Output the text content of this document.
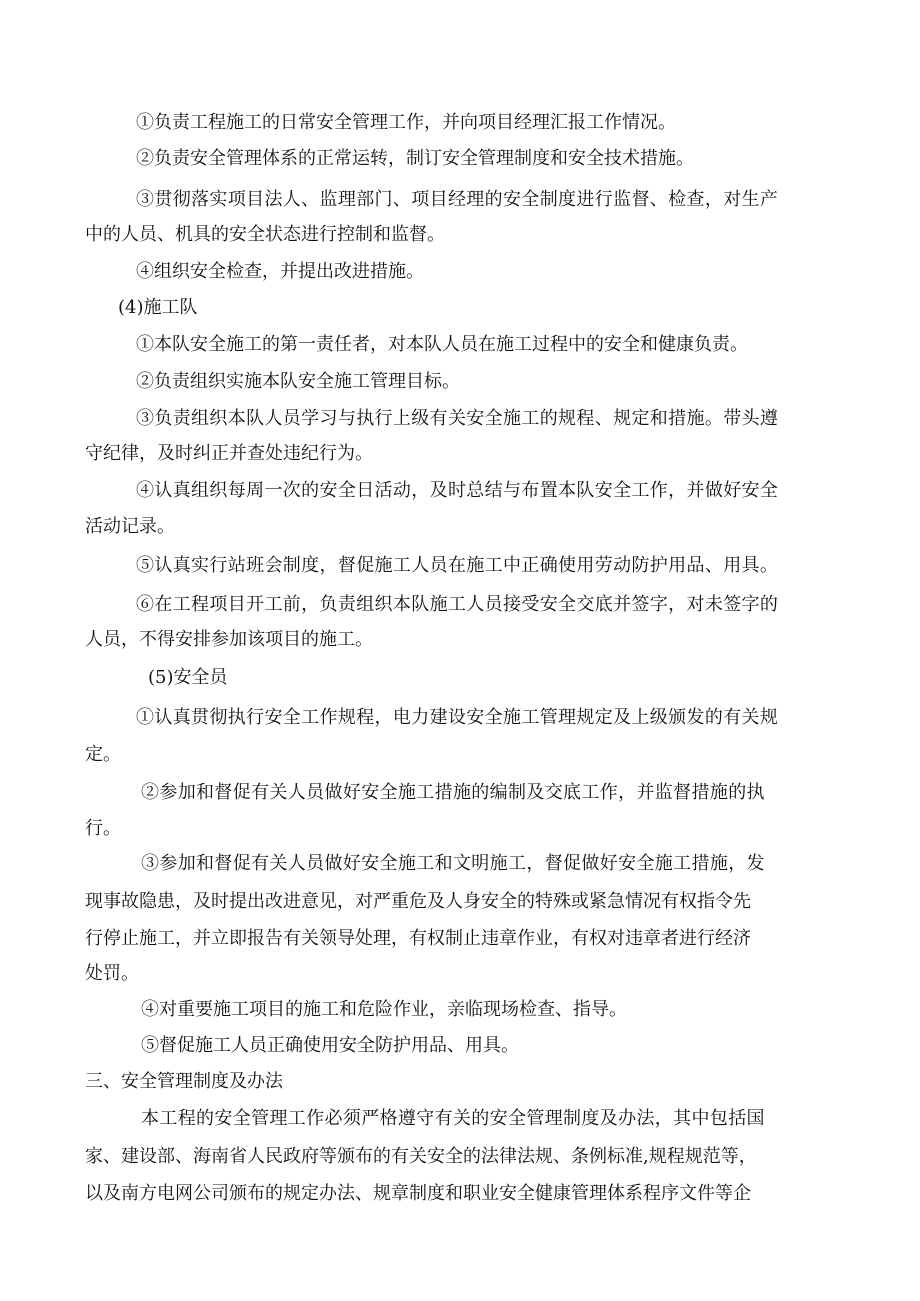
①负责工程施工的日常安全管理工作，并向项目经理汇报工作情况。
②负责安全管理体系的正常运转，制订安全管理制度和安全技术措施。
③贯彻落实项目法人、监理部门、项目经理的安全制度进行监督、检查，对生产
中的人员、机具的安全状态进行控制和监督。
④组织安全检查，并提出改进措施。
(4)施工队
①本队安全施工的第一责任者，对本队人员在施工过程中的安全和健康负责。
②负责组织实施本队安全施工管理目标。
③负责组织本队人员学习与执行上级有关安全施工的规程、规定和措施。带头遵
守纪律，及时纠正并查处违纪行为。
④认真组织每周一次的安全日活动，及时总结与布置本队安全工作，并做好安全
活动记录。
⑤认真实行站班会制度，督促施工人员在施工中正确使用劳动防护用品、用具。
⑥在工程项目开工前，负责组织本队施工人员接受安全交底并签字，对未签字的
人员，不得安排参加该项目的施工。
(5)安全员
①认真贯彻执行安全工作规程，电力建设安全施工管理规定及上级颁发的有关规
定。
②参加和督促有关人员做好安全施工措施的编制及交底工作，并监督措施的执
行。
③参加和督促有关人员做好安全施工和文明施工，督促做好安全施工措施，发
现事故隐患，及时提出改进意见，对严重危及人身安全的特殊或紧急情况有权指令先
行停止施工，并立即报告有关领导处理，有权制止违章作业，有权对违章者进行经济
处罚。
④对重要施工项目的施工和危险作业，亲临现场检查、指导。
⑤督促施工人员正确使用安全防护用品、用具。
三、安全管理制度及办法
本工程的安全管理工作必须严格遵守有关的安全管理制度及办法，其中包括国
家、建设部、海南省人民政府等颁布的有关安全的法律法规、条例标准,规程规范等，
以及南方电网公司颁布的规定办法、规章制度和职业安全健康管理体系程序文件等企
